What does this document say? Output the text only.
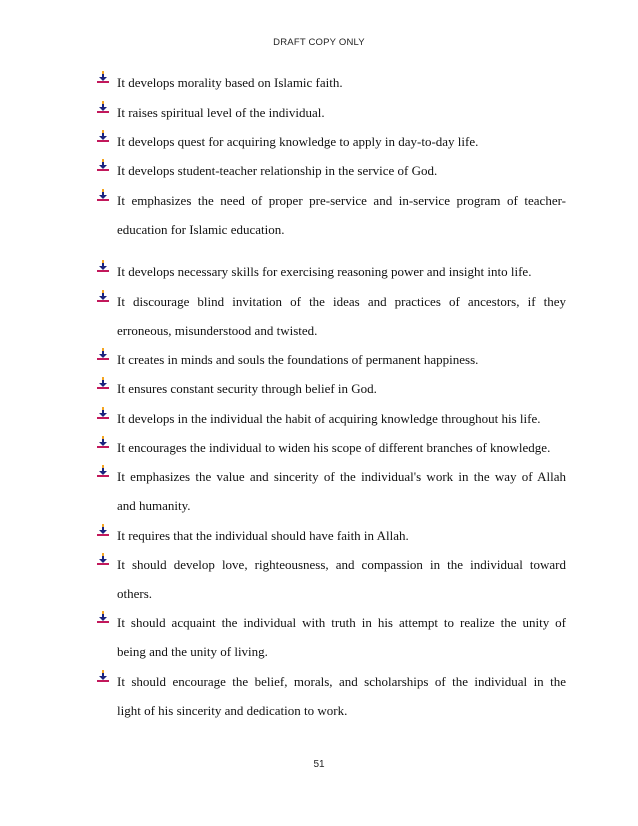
DRAFT COPY ONLY
It develops morality based on Islamic faith.
It raises spiritual level of the individual.
It develops quest for acquiring knowledge to apply in day-to-day life.
It develops student-teacher relationship in the service of God.
It emphasizes the need of proper pre-service and in-service program of teacher-
education for Islamic education.
It develops necessary skills for exercising reasoning power and insight into life.
It discourage blind invitation of the ideas and practices of ancestors, if they
erroneous, misunderstood and twisted.
It creates in minds and souls the foundations of permanent happiness.
It ensures constant security through belief in God.
It develops in the individual the habit of acquiring knowledge throughout his life.
It encourages the individual to widen his scope of different branches of knowledge.
It emphasizes the value and sincerity of the individual's work in the way of Allah
and humanity.
It requires that the individual should have faith in Allah.
It should develop love, righteousness, and compassion in the individual toward
others.
It should acquaint the individual with truth in his attempt to realize the unity of
being and the unity of living.
It should encourage the belief, morals, and scholarships of the individual in the
light of his sincerity and dedication to work.
51
